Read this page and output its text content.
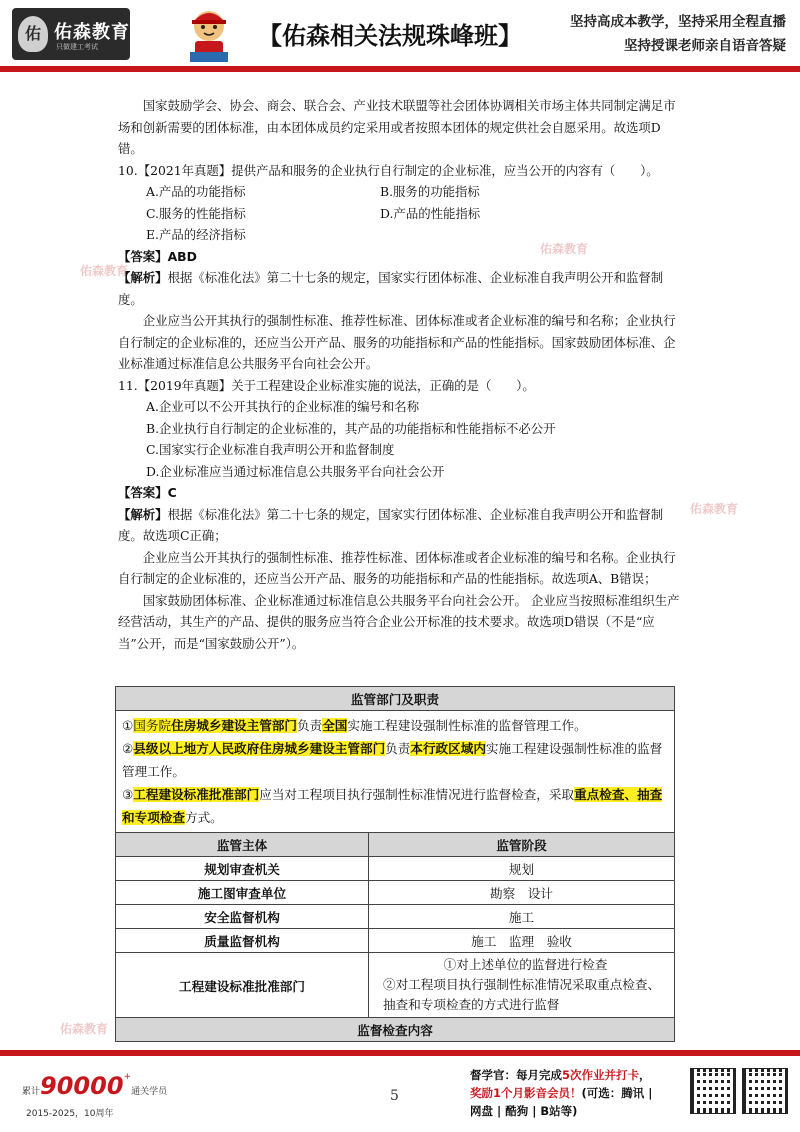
佑 佑森教育
只做建工考试	【佑森相关法规珠峰班】	坚持高成本教学，坚持采用全程直播
坚持授课老师亲自语音答疑
佑森教育
佑森教育
佑森教育
佑森教育

国家鼓励学会、协会、商会、联合会、产业技术联盟等社会团体协调相关市场主体共同制定满足市场和创新需要的团体标准，由本团体成员约定采用或者按照本团体的规定供社会自愿采用。故选项D错。

10.【2021年真题】提供产品和服务的企业执行自行制定的企业标准，应当公开的内容有（　　）。

A.产品的功能指标	B.服务的功能指标
C.服务的性能指标	D.产品的性能指标
E.产品的经济指标

【答案】ABD

【解析】根据《标准化法》第二十七条的规定，国家实行团体标准、企业标准自我声明公开和监督制度。

企业应当公开其执行的强制性标准、推荐性标准、团体标准或者企业标准的编号和名称；企业执行自行制定的企业标准的，还应当公开产品、服务的功能指标和产品的性能指标。国家鼓励团体标准、企业标准通过标准信息公共服务平台向社会公开。

11.【2019年真题】关于工程建设企业标准实施的说法，正确的是（　　）。

A.企业可以不公开其执行的企业标准的编号和名称
B.企业执行自行制定的企业标准的，其产品的功能指标和性能指标不必公开
C.国家实行企业标准自我声明公开和监督制度
D.企业标准应当通过标准信息公共服务平台向社会公开

【答案】C

【解析】根据《标准化法》第二十七条的规定，国家实行团体标准、企业标准自我声明公开和监督制度。故选项C正确；

企业应当公开其执行的强制性标准、推荐性标准、团体标准或者企业标准的编号和名称。企业执行自行制定的企业标准的，还应当公开产品、服务的功能指标和产品的性能指标。故选项A、B错误；

国家鼓励团体标准、企业标准通过标准信息公共服务平台向社会公开。 企业应当按照标准组织生产经营活动，其生产的产品、提供的服务应当符合企业公开标准的技术要求。故选项D错误（不是“应当”公开，而是“国家鼓励公开”）。

监管部门及职责	

①国务院住房城乡建设主管部门负责全国实施工程建设强制性标准的监督管理工作。
②县级以上地方人民政府住房城乡建设主管部门负责本行政区域内实施工程建设强制性标准的监督管理工作。
③工程建设标准批准部门应当对工程项目执行强制性标准情况进行监督检查，采取重点检查、抽查和专项检查方式。	

监管主体	监管阶段
规划审查机关	规划
施工图审查单位	勘察　设计
安全监督机构	施工
质量监督机构	施工　监理　验收
工程建设标准批准部门	①对上述单位的监督进行检查
②对工程项目执行强制性标准情况采取重点检查、抽查和专项检查的方式进行监督

监督检查内容	
累计90000+通关学员
2015-2025，10周年
5
督学官：每月完成5次作业并打卡，
奖励1个月影音会员！(可选：腾讯 |
网盘 | 酷狗 | B站等)
